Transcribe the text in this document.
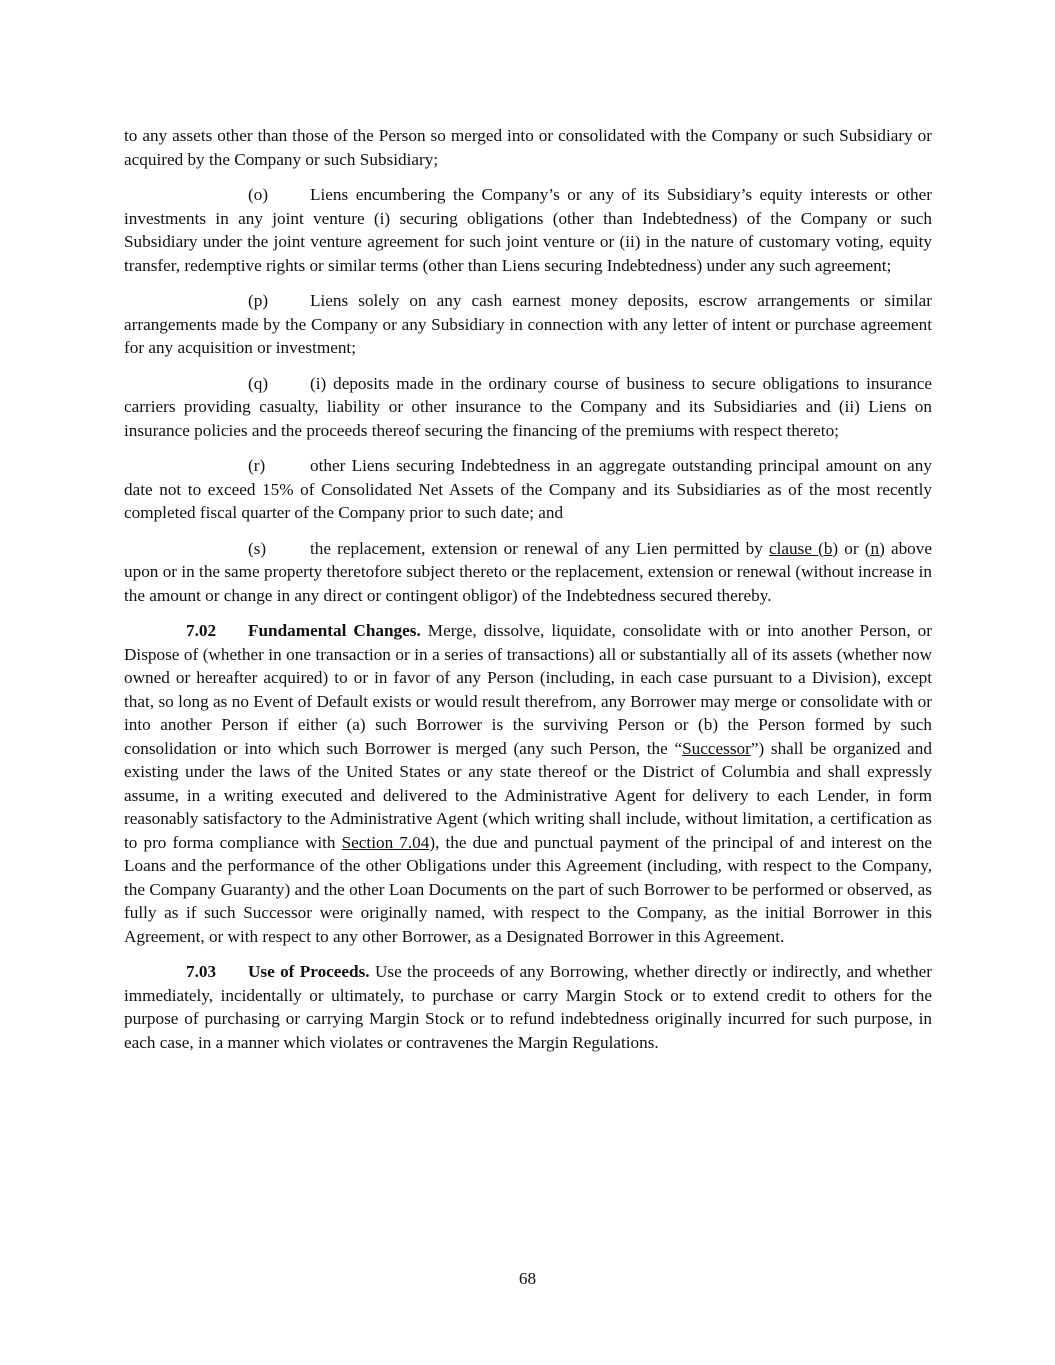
to any assets other than those of the Person so merged into or consolidated with the Company or such Subsidiary or acquired by the Company or such Subsidiary;

(o) Liens encumbering the Company’s or any of its Subsidiary’s equity interests or other investments in any joint venture (i) securing obligations (other than Indebtedness) of the Company or such Subsidiary under the joint venture agreement for such joint venture or (ii) in the nature of customary voting, equity transfer, redemptive rights or similar terms (other than Liens securing Indebtedness) under any such agreement;

(p) Liens solely on any cash earnest money deposits, escrow arrangements or similar arrangements made by the Company or any Subsidiary in connection with any letter of intent or purchase agreement for any acquisition or investment;

(q) (i) deposits made in the ordinary course of business to secure obligations to insurance carriers providing casualty, liability or other insurance to the Company and its Subsidiaries and (ii) Liens on insurance policies and the proceeds thereof securing the financing of the premiums with respect thereto;

(r)	other Liens securing Indebtedness in an aggregate outstanding principal amount on any date not to exceed 15% of Consolidated Net Assets of the Company and its Subsidiaries as of the most recently completed fiscal quarter of the Company prior to such date; and

(s)	the replacement, extension or renewal of any Lien permitted by clause (b) or (n) above upon or in the same property theretofore subject thereto or the replacement, extension or renewal (without increase in the amount or change in any direct or contingent obligor) of the Indebtedness secured thereby.

7.02 Fundamental Changes. Merge, dissolve, liquidate, consolidate with or into another Person, or Dispose of (whether in one transaction or in a series of transactions) all or substantially all of its assets (whether now owned or hereafter acquired) to or in favor of any Person (including, in each case pursuant to a Division), except that, so long as no Event of Default exists or would result therefrom, any Borrower may merge or consolidate with or into another Person if either (a) such Borrower is the surviving Person or (b) the Person formed by such consolidation or into which such Borrower is merged (any such Person, the “Successor”) shall be organized and existing under the laws of the United States or any state thereof or the District of Columbia and shall expressly assume, in a writing executed and delivered to the Administrative Agent for delivery to each Lender, in form reasonably satisfactory to the Administrative Agent (which writing shall include, without limitation, a certification as to pro forma compliance with Section 7.04), the due and punctual payment of the principal of and interest on the Loans and the performance of the other Obligations under this Agreement (including, with respect to the Company, the Company Guaranty) and the other Loan Documents on the part of such Borrower to be performed or observed, as fully as if such Successor were originally named, with respect to the Company, as the initial Borrower in this Agreement, or with respect to any other Borrower, as a Designated Borrower in this Agreement.

7.03 Use of Proceeds. Use the proceeds of any Borrowing, whether directly or indirectly, and whether immediately, incidentally or ultimately, to purchase or carry Margin Stock or to extend credit to others for the purpose of purchasing or carrying Margin Stock or to refund indebtedness originally incurred for such purpose, in each case, in a manner which violates or contravenes the Margin Regulations.

68
